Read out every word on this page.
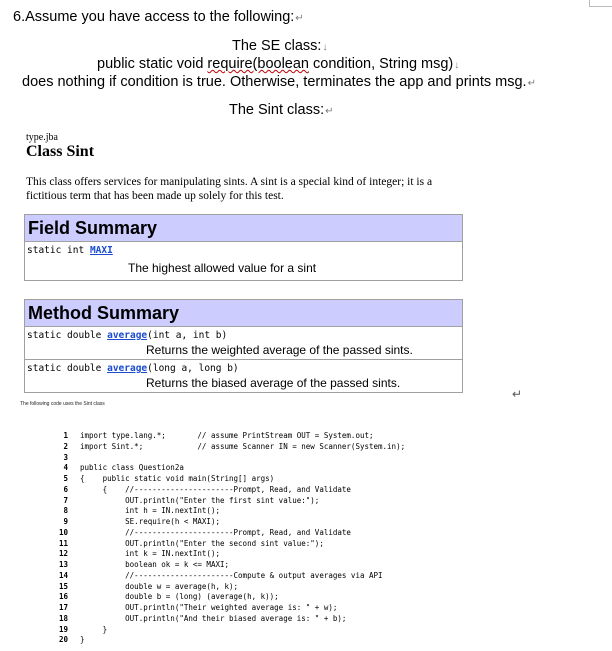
6.Assume you have access to the following:↵
The SE class:↓
public static void require(boolean condition, String msg)↓
does nothing if condition is true. Otherwise, terminates the app and prints msg.↵
The Sint class:↵
type.jba
Class Sint
This class offers services for manipulating sints. A sint is a special kind of integer; it is a
fictitious term that has been made up solely for this test.
Field Summary
static int MAXI
The highest allowed value for a sint
Method Summary
static double average(int a, int b)
Returns the weighted average of the passed sints.
static double average(long a, long b)
Returns the biased average of the passed sints.
↵
The following code uses the Sint class
1 import type.lang.*;       // assume PrintStream OUT = System.out;
2 import Sint.*;            // assume Scanner IN = new Scanner(System.in);
3
4 public class Question2a
5 {    public static void main(String[] args)
6     {    //----------------------Prompt, Read, and Validate
7          OUT.println("Enter the first sint value:");
8          int h = IN.nextInt();
9          SE.require(h < MAXI);
10          //----------------------Prompt, Read, and Validate
11          OUT.println("Enter the second sint value:");
12          int k = IN.nextInt();
13          boolean ok = k <= MAXI;
14          //----------------------Compute & output averages via API
15          double w = average(h, k);
16          double b = (long) (average(h, k));
17          OUT.println("Their weighted average is: " + w);
18          OUT.println("And their biased average is: " + b);
19     }
20 }
